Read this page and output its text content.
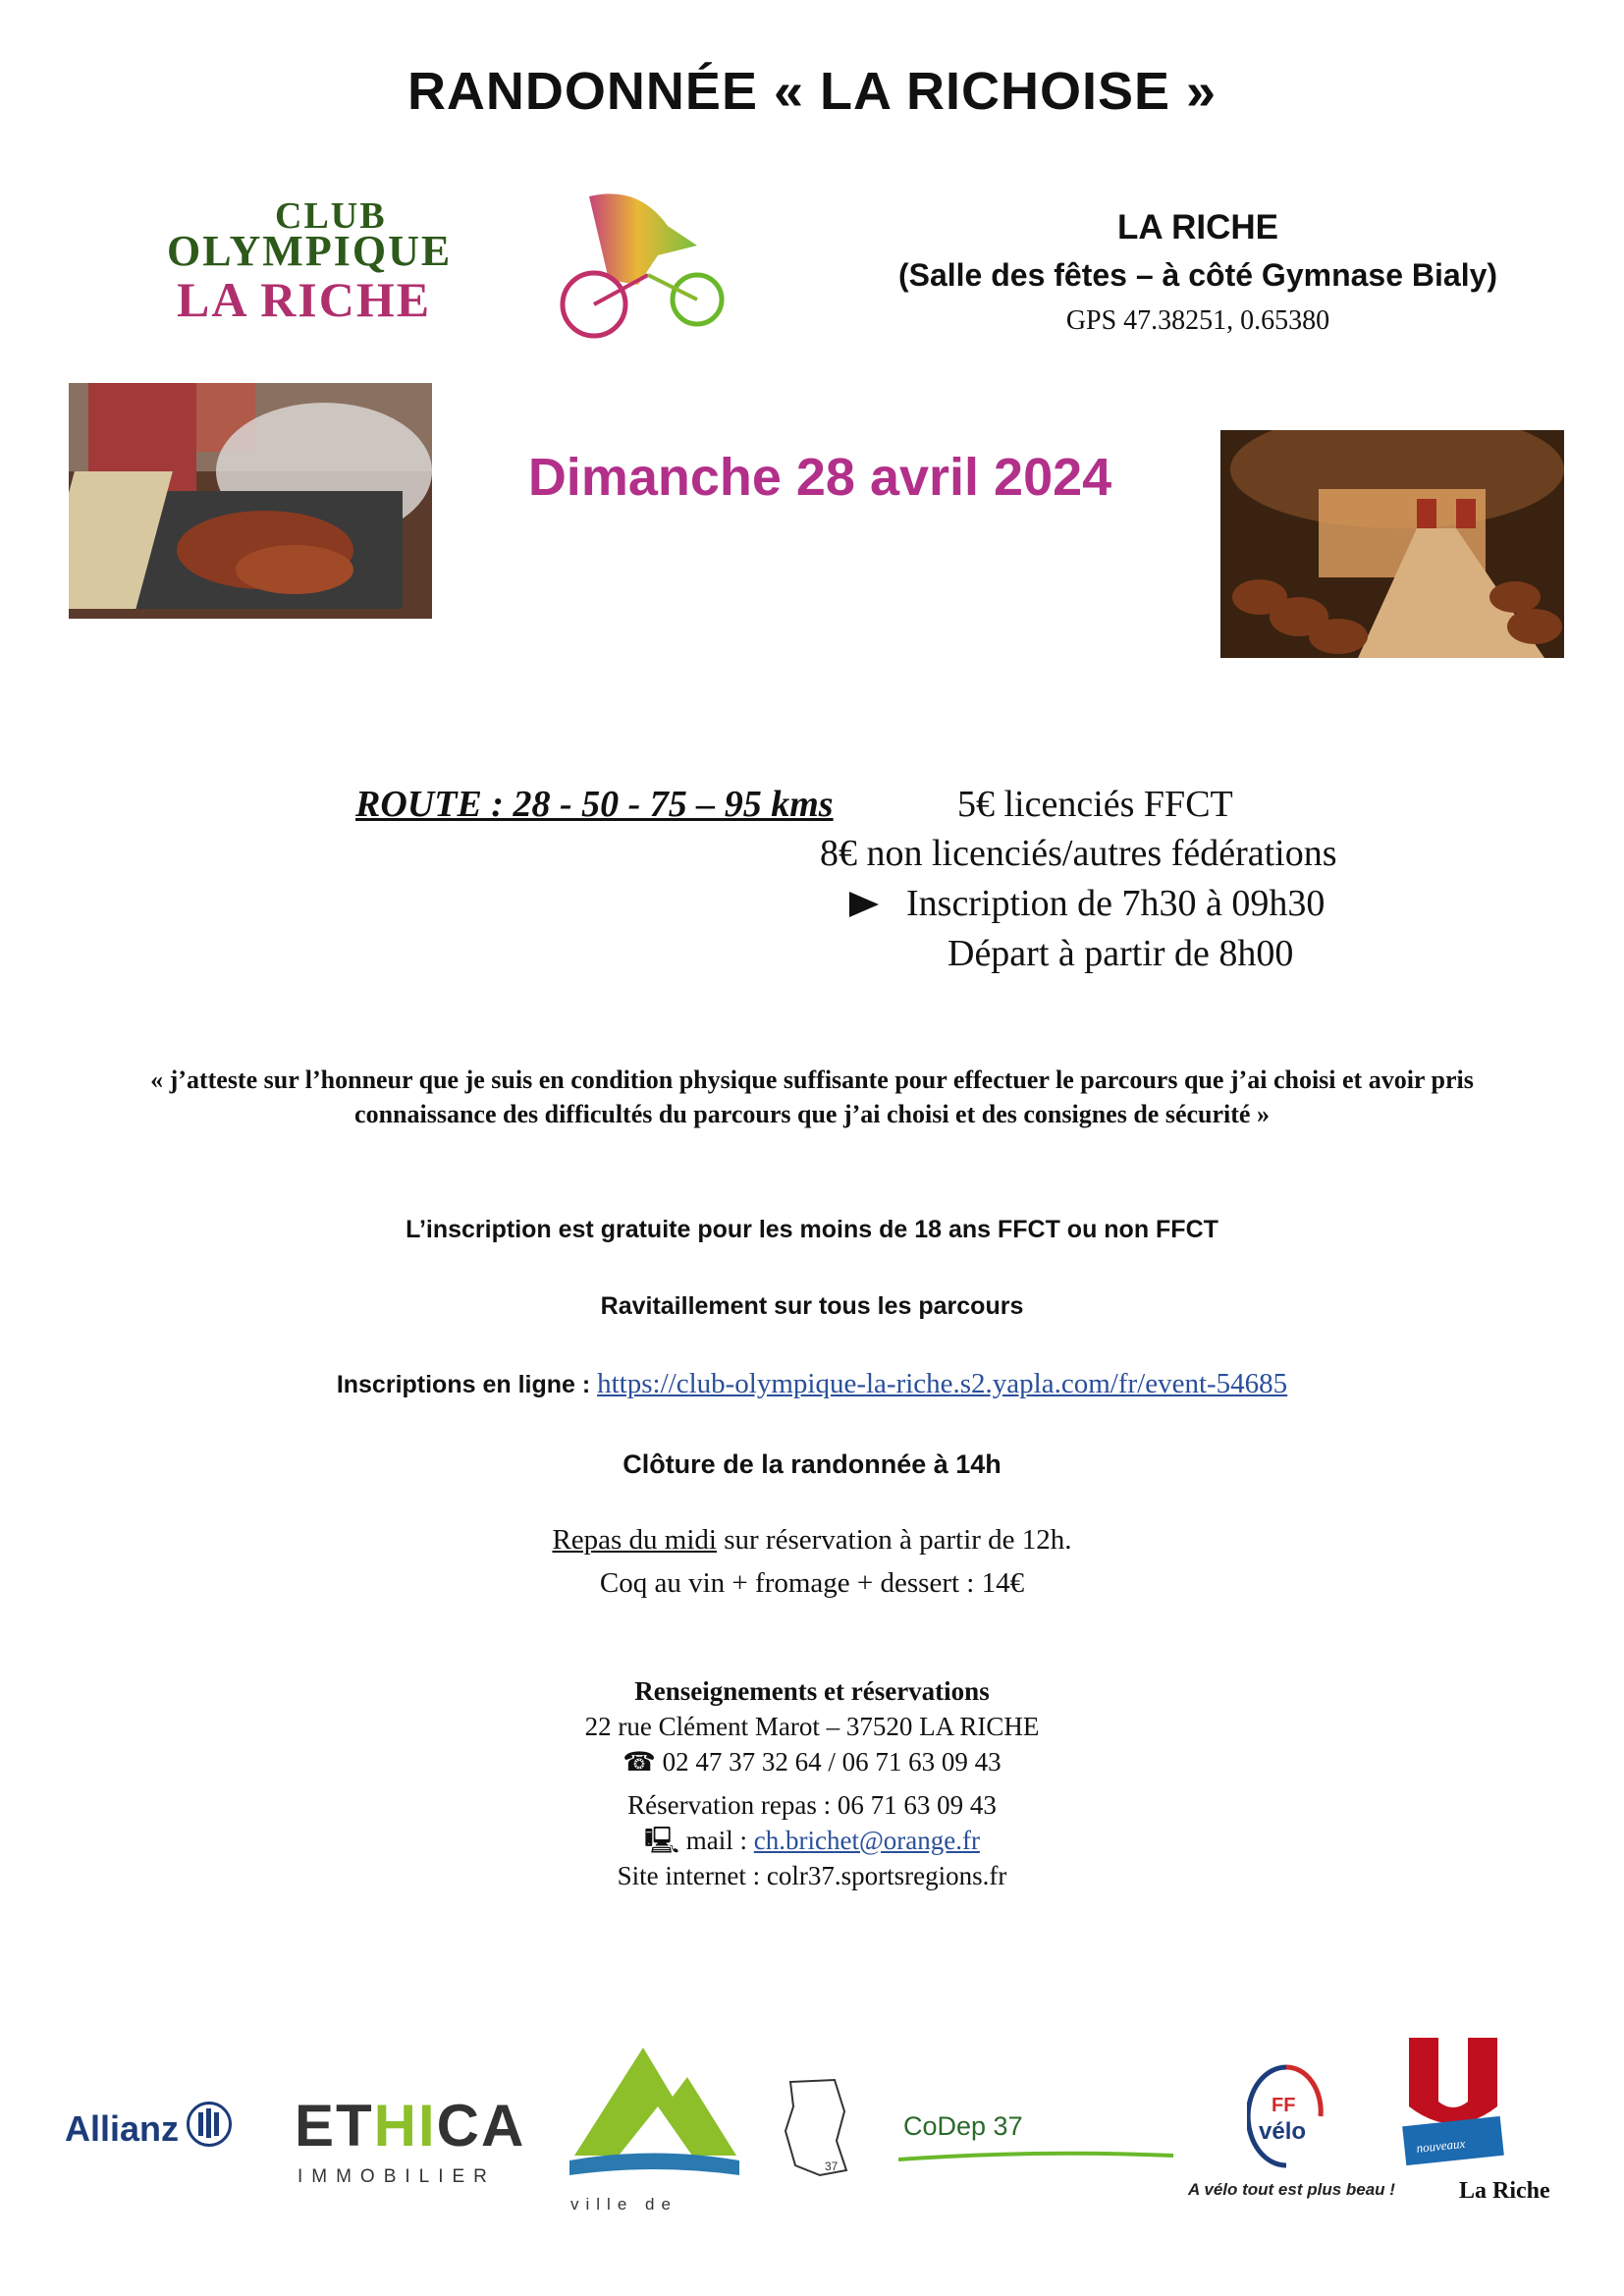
RANDONNÉE « LA RICHOISE »
CLUB
OLYMPIQUE
LA RICHE
LA RICHE
(Salle des fêtes – à côté Gymnase Bialy)
GPS 47.38251, 0.65380
Dimanche 28 avril 2024
ROUTE : 28 - 50 - 75 – 95 kms	5€ licenciés FFCT
8€ non licenciés/autres fédérations
Inscription de 7h30 à 09h30
Départ à partir de 8h00
« j’atteste sur l’honneur que je suis en condition physique suffisante pour effectuer le parcours que j’ai choisi et avoir pris connaissance des difficultés du parcours que j’ai choisi et des consignes de sécurité »
L’inscription est gratuite pour les moins de 18 ans FFCT ou non FFCT
Ravitaillement sur tous les parcours
Inscriptions en ligne : https://club-olympique-la-riche.s2.yapla.com/fr/event-54685
Clôture de la randonnée à 14h
Repas du midi sur réservation à partir de 12h.
Coq au vin + fromage + dessert : 14€
Renseignements et réservations
22 rue Clément Marot – 37520 LA RICHE
☎ 02 47 37 32 64 / 06 71 63 09 43
Réservation repas : 06 71 63 09 43
🖳 mail : ch.brichet@orange.fr
Site internet : colr37.sportsregions.fr
Allianz	ETHICA
IMMOBILIER
ville de
37
CoDep 37
FF
vélo
A vélo tout est plus beau !
nouveaux
La Riche
